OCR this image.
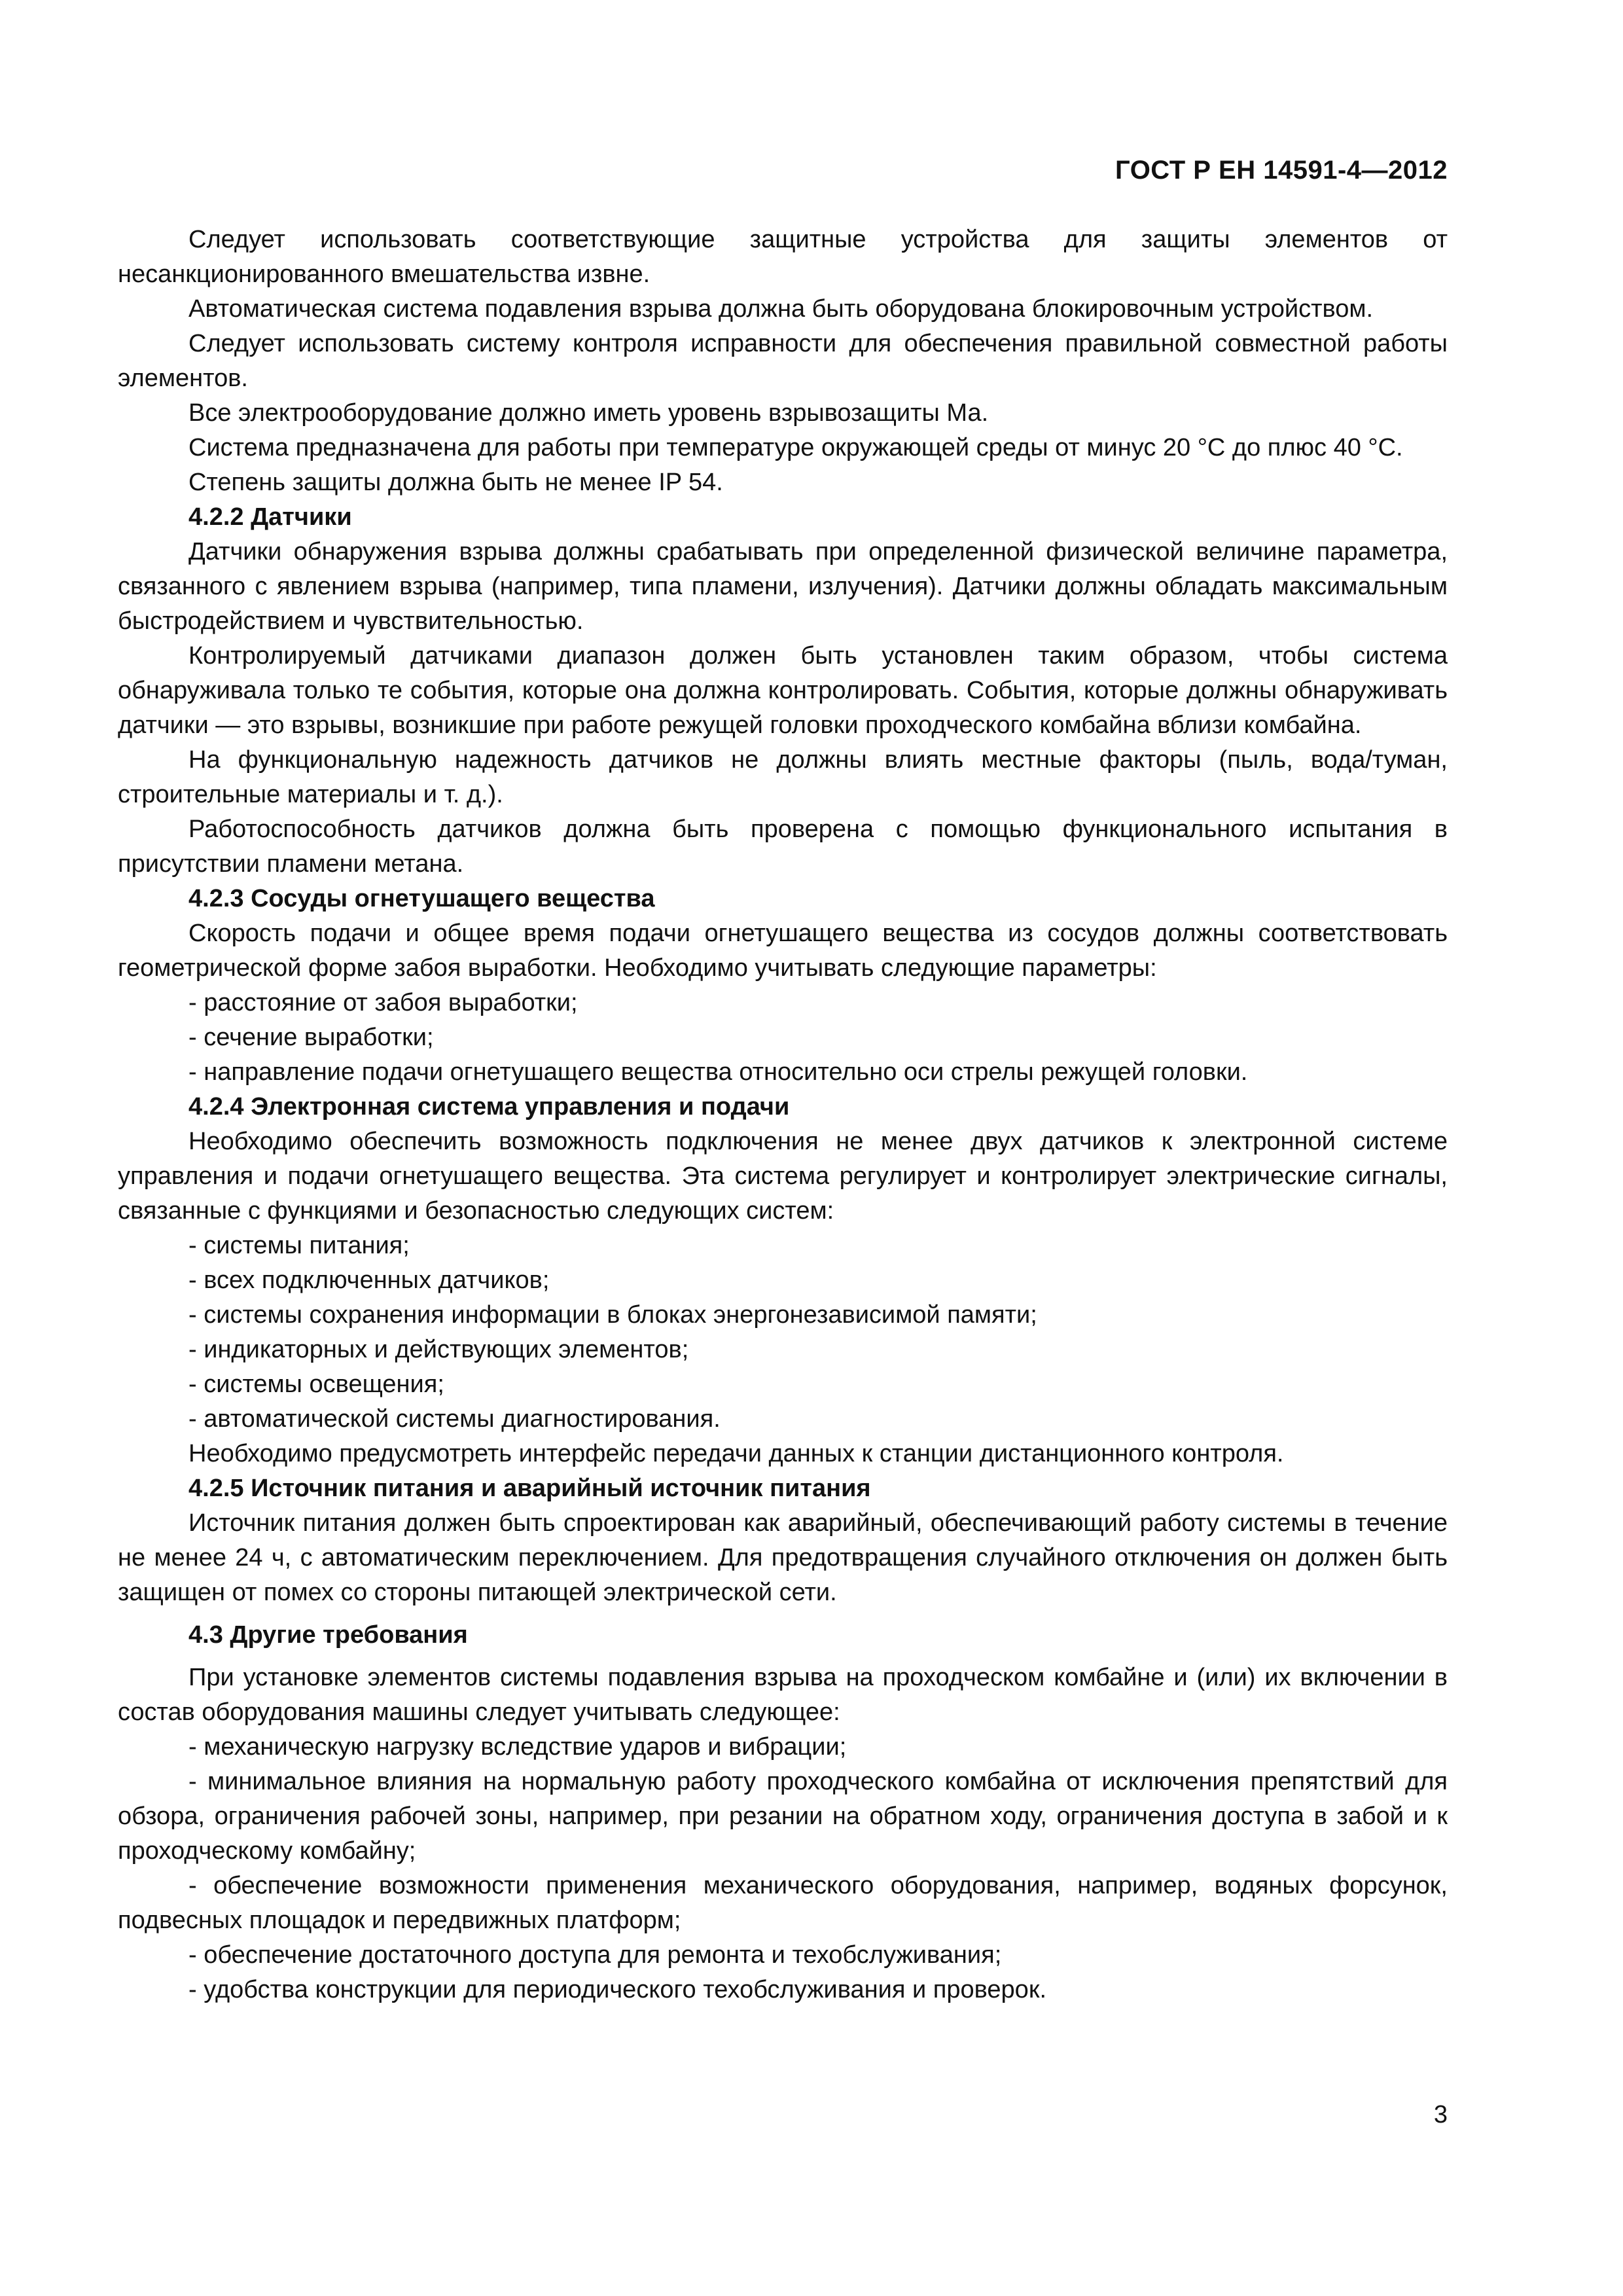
ГОСТ Р ЕН 14591-4—2012

Следует использовать соответствующие защитные устройства для защиты элементов от несанкционированного вмешательства извне.

Автоматическая система подавления взрыва должна быть оборудована блокировочным устройством.

Следует использовать систему контроля исправности для обеспечения правильной совместной работы элементов.

Все электрооборудование должно иметь уровень взрывозащиты Ма.

Система предназначена для работы при температуре окружающей среды от минус 20 °С до плюс 40 °С.

Степень защиты должна быть не менее IP 54.

4.2.2 Датчики

Датчики обнаружения взрыва должны срабатывать при определенной физической величине параметра, связанного с явлением взрыва (например, типа пламени, излучения). Датчики должны обладать максимальным быстродействием и чувствительностью.

Контролируемый датчиками диапазон должен быть установлен таким образом, чтобы система обнаруживала только те события, которые она должна контролировать. События, которые должны обнаруживать датчики — это взрывы, возникшие при работе режущей головки проходческого комбайна вблизи комбайна.

На функциональную надежность датчиков не должны влиять местные факторы (пыль, вода/туман, строительные материалы и т. д.).

Работоспособность датчиков должна быть проверена с помощью функционального испытания в присутствии пламени метана.

4.2.3 Сосуды огнетушащего вещества

Скорость подачи и общее время подачи огнетушащего вещества из сосудов должны соответствовать геометрической форме забоя выработки. Необходимо учитывать следующие параметры:

- расстояние от забоя выработки;

- сечение выработки;

- направление подачи огнетушащего вещества относительно оси стрелы режущей головки.

4.2.4 Электронная система управления и подачи

Необходимо обеспечить возможность подключения не менее двух датчиков к электронной системе управления и подачи огнетушащего вещества. Эта система регулирует и контролирует электрические сигналы, связанные с функциями и безопасностью следующих систем:

- системы питания;

- всех подключенных датчиков;

- системы сохранения информации в блоках энергонезависимой памяти;

- индикаторных и действующих элементов;

- системы освещения;

- автоматической системы диагностирования.

Необходимо предусмотреть интерфейс передачи данных к станции дистанционного контроля.

4.2.5 Источник питания и аварийный источник питания

Источник питания должен быть спроектирован как аварийный, обеспечивающий работу системы в течение не менее 24 ч, с автоматическим переключением. Для предотвращения случайного отключения он должен быть защищен от помех со стороны питающей электрической сети.

4.3 Другие требования

При установке элементов системы подавления взрыва на проходческом комбайне и (или) их включении в состав оборудования машины следует учитывать следующее:

- механическую нагрузку вследствие ударов и вибрации;

- минимальное влияния на нормальную работу проходческого комбайна от исключения препятствий для обзора, ограничения рабочей зоны, например, при резании на обратном ходу, ограничения доступа в забой и к проходческому комбайну;

- обеспечение возможности применения механического оборудования, например, водяных форсунок, подвесных площадок и передвижных платформ;

- обеспечение достаточного доступа для ремонта и техобслуживания;

- удобства конструкции для периодического техобслуживания и проверок.

3
